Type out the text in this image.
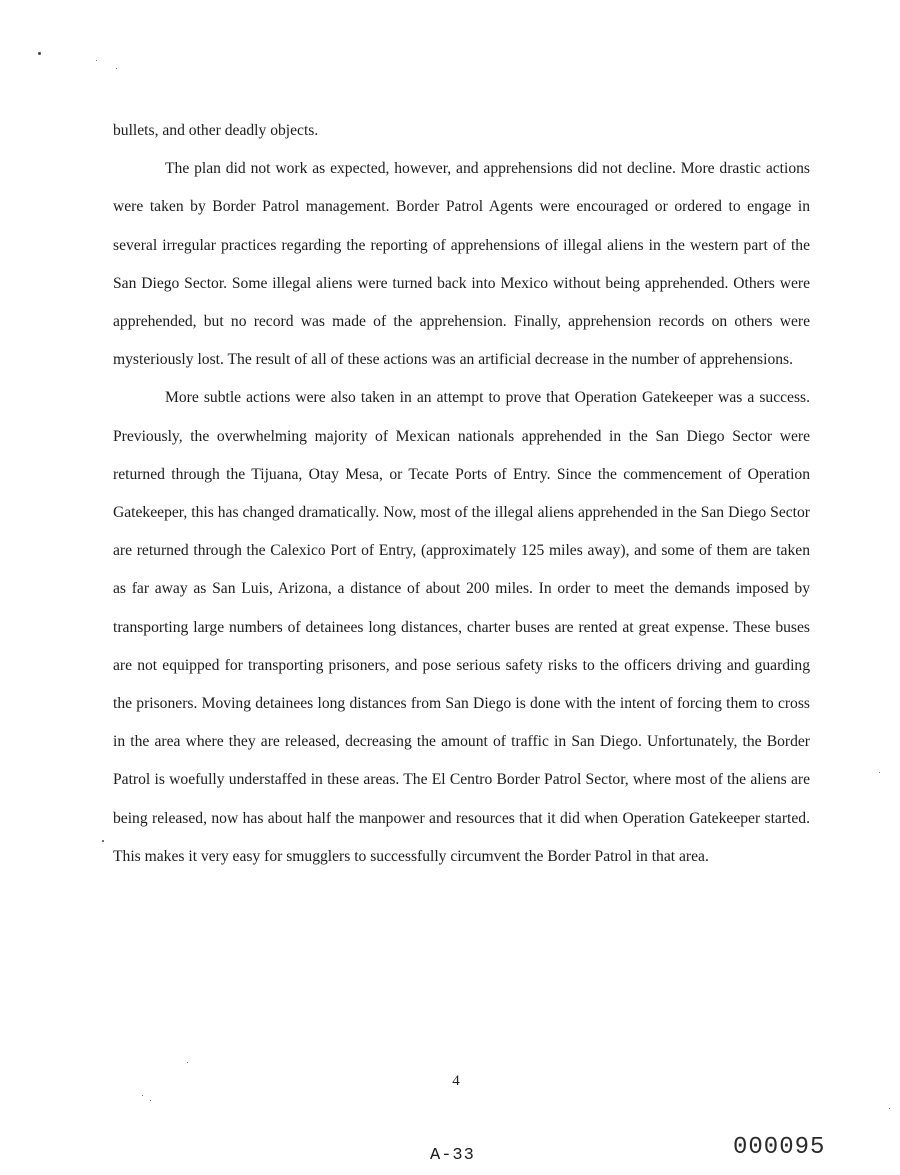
bullets, and other deadly objects.

The plan did not work as expected, however, and apprehensions did not decline. More drastic actions were taken by Border Patrol management. Border Patrol Agents were encouraged or ordered to engage in several irregular practices regarding the reporting of apprehensions of illegal aliens in the western part of the San Diego Sector. Some illegal aliens were turned back into Mexico without being apprehended. Others were apprehended, but no record was made of the apprehension. Finally, apprehension records on others were mysteriously lost. The result of all of these actions was an artificial decrease in the number of apprehensions.

More subtle actions were also taken in an attempt to prove that Operation Gatekeeper was a success. Previously, the overwhelming majority of Mexican nationals apprehended in the San Diego Sector were returned through the Tijuana, Otay Mesa, or Tecate Ports of Entry. Since the commencement of Operation Gatekeeper, this has changed dramatically. Now, most of the illegal aliens apprehended in the San Diego Sector are returned through the Calexico Port of Entry, (approximately 125 miles away), and some of them are taken as far away as San Luis, Arizona, a distance of about 200 miles. In order to meet the demands imposed by transporting large numbers of detainees long distances, charter buses are rented at great expense. These buses are not equipped for transporting prisoners, and pose serious safety risks to the officers driving and guarding the prisoners. Moving detainees long distances from San Diego is done with the intent of forcing them to cross in the area where they are released, decreasing the amount of traffic in San Diego. Unfortunately, the Border Patrol is woefully understaffed in these areas. The El Centro Border Patrol Sector, where most of the aliens are being released, now has about half the manpower and resources that it did when Operation Gatekeeper started. This makes it very easy for smugglers to successfully circumvent the Border Patrol in that area.

4
A-33	000095
